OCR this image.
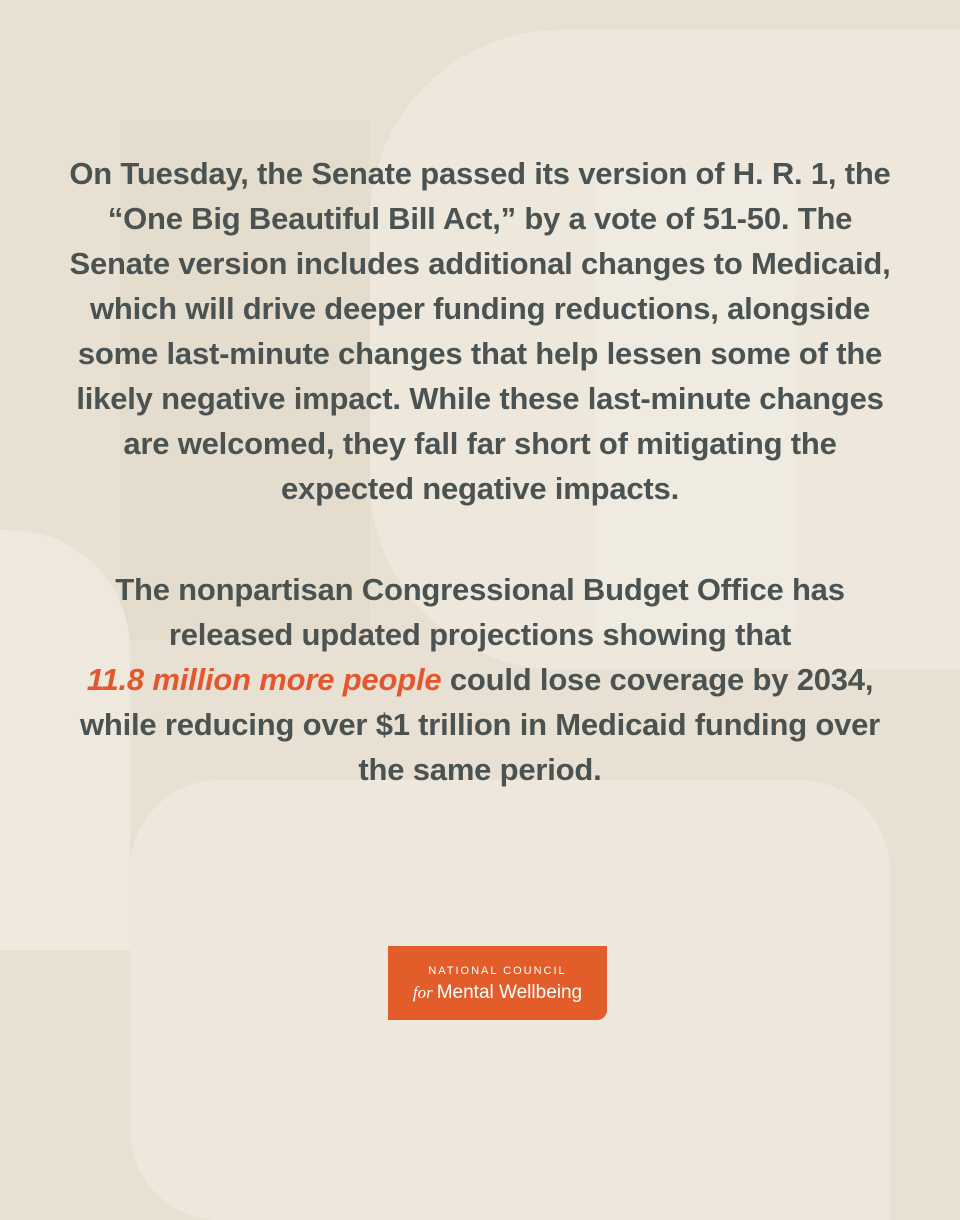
On Tuesday, the Senate passed its version of H. R. 1, the “One Big Beautiful Bill Act,” by a vote of 51-50. The Senate version includes additional changes to Medicaid, which will drive deeper funding reductions, alongside some last-minute changes that help lessen some of the likely negative impact. While these last-minute changes are welcomed, they fall far short of mitigating the expected negative impacts.

The nonpartisan Congressional Budget Office has released updated projections showing that
11.8 million more people could lose coverage by 2034, while reducing over $1 trillion in Medicaid funding over the same period.

NATIONAL COUNCIL
for Mental Wellbeing
